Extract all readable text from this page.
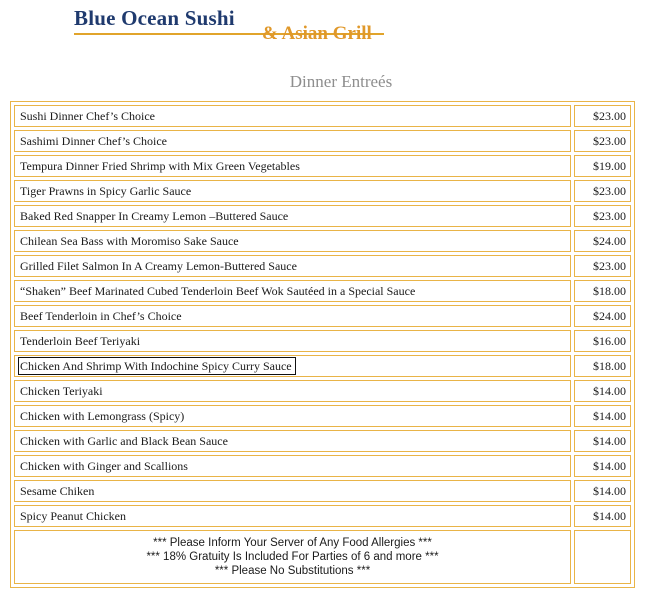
Blue Ocean Sushi
& Asian Grill
Dinner Entreés
Sushi Dinner Chef’s Choice	$23.00
Sashimi Dinner Chef’s Choice	$23.00
Tempura Dinner Fried Shrimp with Mix Green Vegetables	$19.00
Tiger Prawns in Spicy Garlic Sauce	$23.00
Baked Red Snapper In Creamy Lemon –Buttered Sauce	$23.00
Chilean Sea Bass with Moromiso Sake Sauce	$24.00
Grilled Filet Salmon In A Creamy Lemon-Buttered Sauce	$23.00
“Shaken” Beef Marinated Cubed Tenderloin Beef Wok Sautéed in a Special Sauce	$18.00
Beef Tenderloin in Chef’s Choice	$24.00
Tenderloin Beef Teriyaki	$16.00
Chicken And Shrimp With Indochine Spicy Curry Sauce	$18.00
Chicken Teriyaki	$14.00
Chicken with Lemongrass (Spicy)	$14.00
Chicken with Garlic and Black Bean Sauce	$14.00
Chicken with Ginger and Scallions	$14.00
Sesame Chiken	$14.00
Spicy Peanut Chicken	$14.00

*** Please Inform Your Server of Any Food Allergies ***
*** 18% Gratuity Is Included For Parties of 6 and more ***
*** Please No Substitutions ***	
